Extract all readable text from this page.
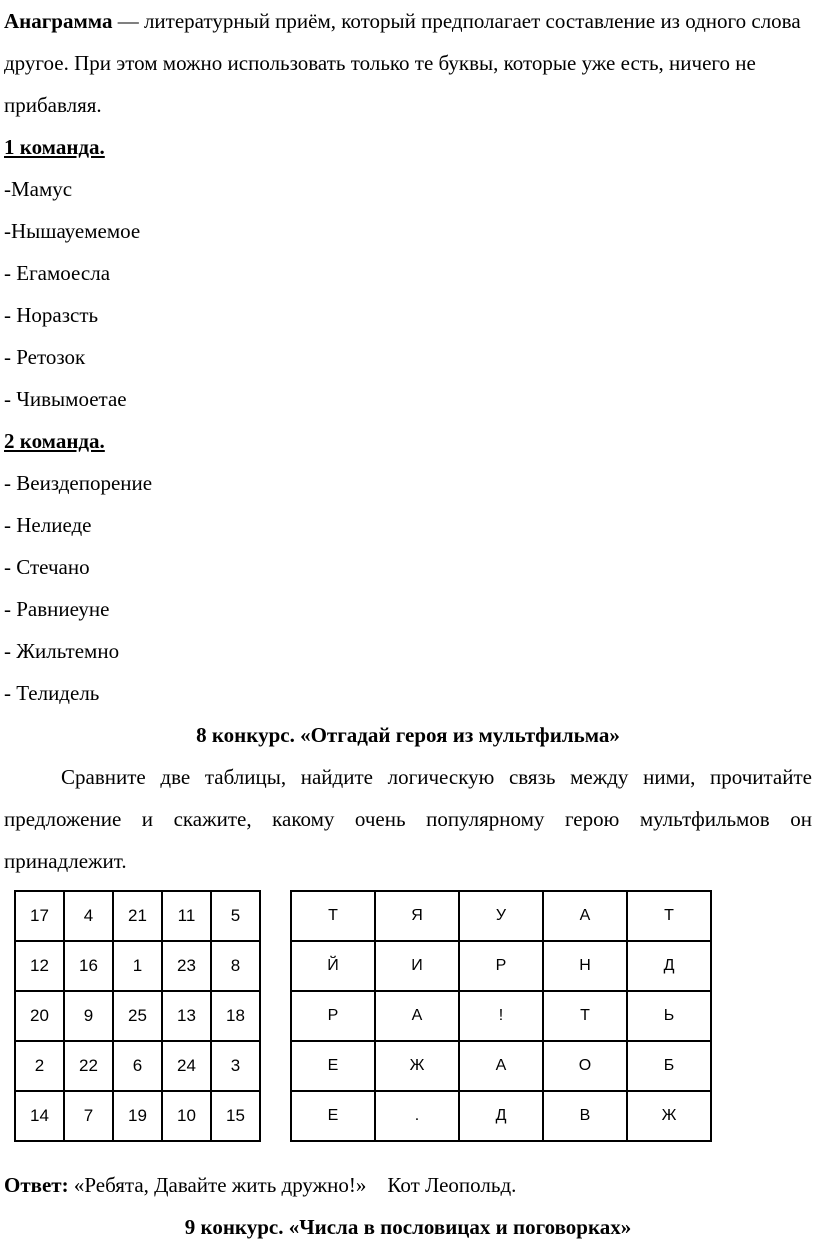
Анаграмма — литературный приём, который предполагает составление из одного слова другое. При этом можно использовать только те буквы, которые уже есть, ничего не прибавляя.

1 команда.

-Мамус

-Нышауемемое

- Егамоесла

- Норазсть

- Ретозок

- Чивымоетае

2 команда.

- Веиздепорение

- Нелиеде

- Стечано

- Равниеуне

- Жильтемно

- Телидель

8 конкурс. «Отгадай героя из мультфильма»

Сравните две таблицы, найдите логическую связь между ними, прочитайте предложение и скажите, какому очень популярному герою мультфильмов он принадлежит.

17	4	21	11	5
12	16	1	23	8
20	9	25	13	18
2	22	6	24	3
14	7	19	10	15
Т	Я	У	А	Т
Й	И	Р	Н	Д
Р	А	!	Т	Ь
Е	Ж	А	О	Б
Е	.	Д	В	Ж

Ответ: «Ребята, Давайте жить дружно!»    Кот Леопольд.

9 конкурс. «Числа в пословицах и поговорках»
